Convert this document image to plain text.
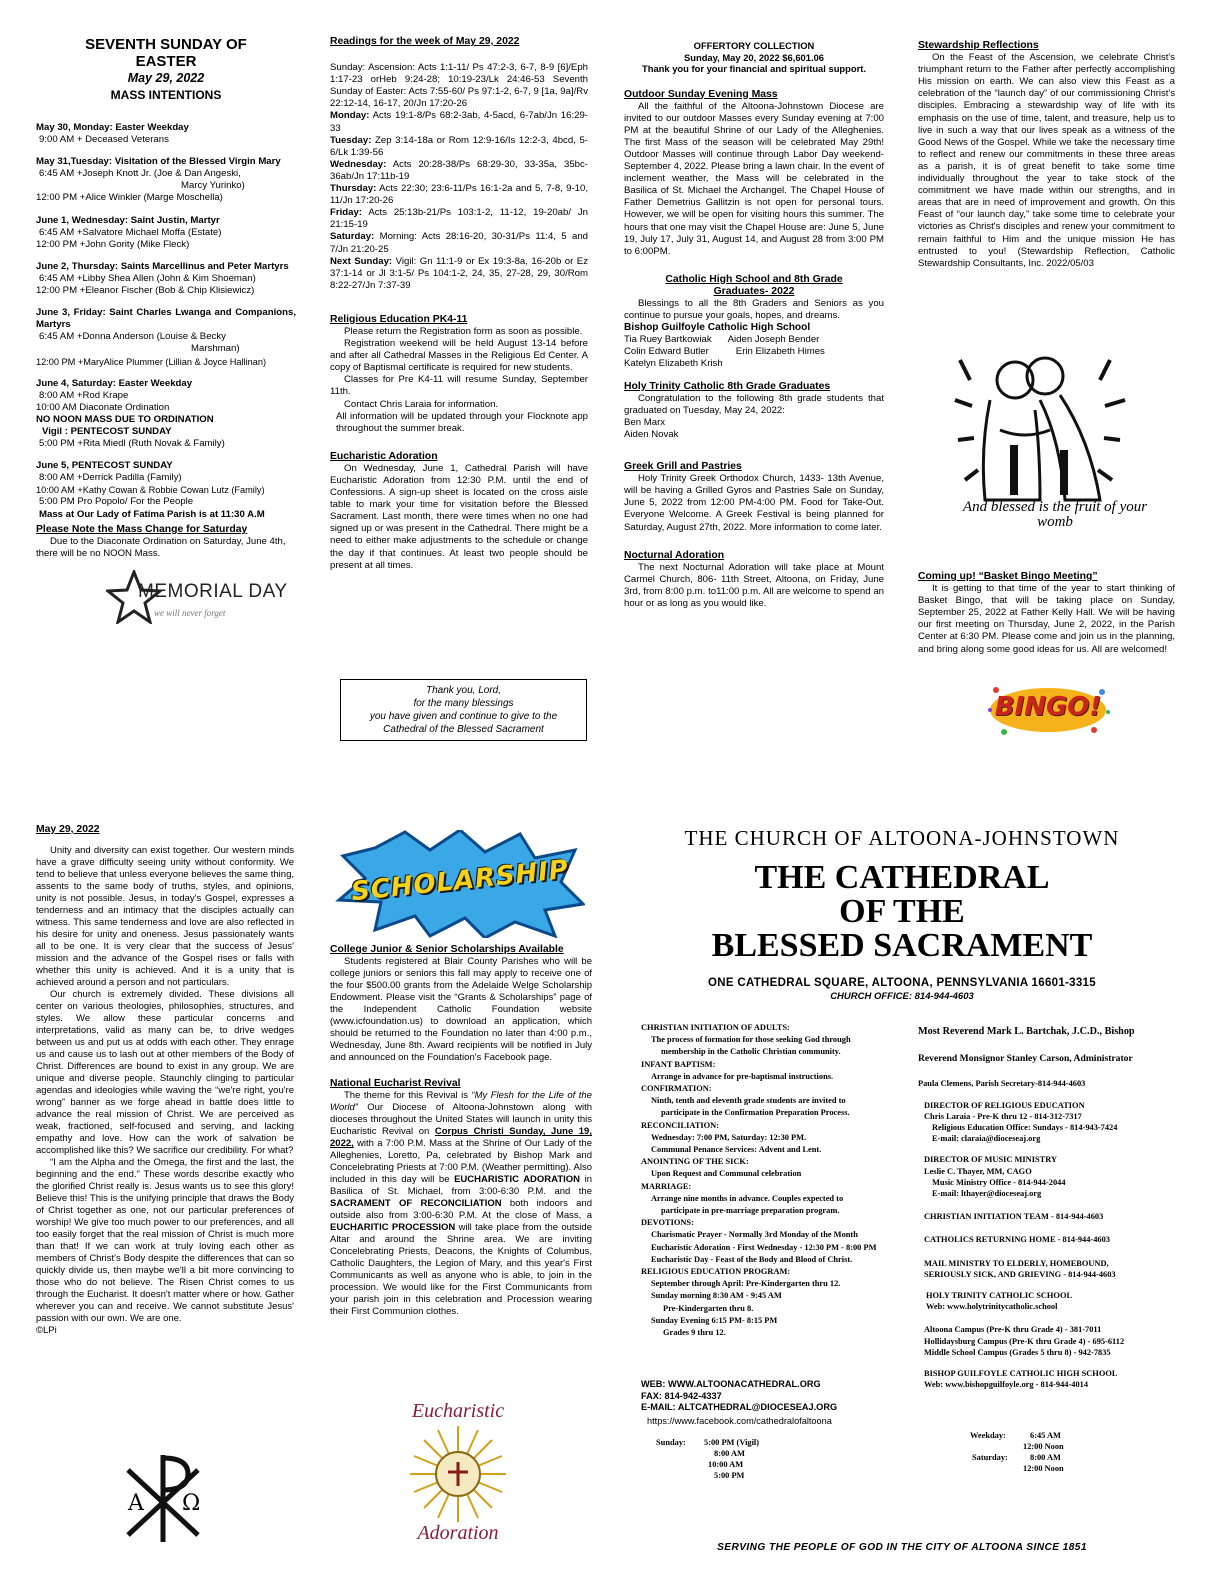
SEVENTH SUNDAY OF EASTER
May 29, 2022
MASS INTENTIONS

May 30, Monday: Easter Weekday

9:00 AM + Deceased Veterans

May 31,Tuesday: Visitation of the Blessed Virgin Mary

6:45 AM +Joseph Knott Jr. (Joe & Dan Angeski,

Marcy Yurinko)

12:00 PM +Alice Winkler (Marge Moschella)

June 1, Wednesday: Saint Justin, Martyr

6:45 AM +Salvatore Michael Moffa (Estate)

12:00 PM +John Gority (Mike Fleck)

June 2, Thursday: Saints Marcellinus and Peter Martyrs

6:45 AM +Libby Shea Allen (John & Kim Shoeman)

12:00 PM +Eleanor Fischer (Bob & Chip Klisiewicz)

June 3, Friday: Saint Charles Lwanga and Companions, Martyrs

6:45 AM +Donna Anderson (Louise & Becky

Marshman)

12:00 PM +MaryAlice Plummer (Lillian & Joyce Hallinan)

June 4, Saturday: Easter Weekday

8:00 AM +Rod Krape

10:00 AM Diaconate Ordination

NO NOON MASS DUE TO ORDINATION

Vigil : PENTECOST SUNDAY

5:00 PM +Rita Miedl (Ruth Novak & Family)

June 5, PENTECOST SUNDAY

8:00 AM +Derrick Padilla (Family)

10:00 AM +Kathy Cowan & Robbie Cowan Lutz (Family)

5:00 PM Pro Popolo/ For the People

Mass at Our Lady of Fatima Parish is at 11:30 A.M

Please Note the Mass Change for Saturday

Due to the Diaconate Ordination on Saturday, June 4th, there will be no NOON Mass.

MEMORIAL DAY
we will never forget

Readings for the week of May 29, 2022

Sunday: Ascension: Acts 1:1-11/ Ps 47:2-3, 6-7, 8-9 [6]/Eph 1:17-23 orHeb 9:24-28; 10:19-23/Lk 24:46-53 Seventh Sunday of Easter: Acts 7:55-60/ Ps 97:1-2, 6-7, 9 [1a, 9a]/Rv 22:12-14, 16-17, 20/Jn 17:20-26

Monday: Acts 19:1-8/Ps 68:2-3ab, 4-5acd, 6-7ab/Jn 16:29-33

Tuesday: Zep 3:14-18a or Rom 12:9-16/Is 12:2-3, 4bcd, 5-6/Lk 1:39-56

Wednesday: Acts 20:28-38/Ps 68:29-30, 33-35a, 35bc-36ab/Jn 17:11b-19

Thursday: Acts 22:30; 23:6-11/Ps 16:1-2a and 5, 7-8, 9-10, 11/Jn 17:20-26

Friday: Acts 25:13b-21/Ps 103:1-2, 11-12, 19-20ab/ Jn 21:15-19

Saturday: Morning: Acts 28:16-20, 30-31/Ps 11:4, 5 and 7/Jn 21:20-25

Next Sunday: Vigil: Gn 11:1-9 or Ex 19:3-8a, 16-20b or Ez 37:1-14 or Jl 3:1-5/ Ps 104:1-2, 24, 35, 27-28, 29, 30/Rom 8:22-27/Jn 7:37-39

Religious Education PK4-11

Please return the Registration form as soon as possible.

Registration weekend will be held August 13-14 before and after all Cathedral Masses in the Religious Ed Center. A copy of Baptismal certificate is required for new students.

Classes for Pre K4-11 will resume Sunday, September 11th.

Contact Chris Laraia for information.

All information will be updated through your Flocknote app throughout the summer break.

Eucharistic Adoration

On Wednesday, June 1, Cathedral Parish will have Eucharistic Adoration from 12:30 P.M. until the end of Confessions. A sign-up sheet is located on the cross aisle table to mark your time for visitation before the Blessed Sacrament. Last month, there were times when no one had signed up or was present in the Cathedral. There might be a need to either make adjustments to the schedule or change the day if that continues. At least two people should be present at all times.

Thank you, Lord,
for the many blessings
you have given and continue to give to the
Cathedral of the Blessed Sacrament
OFFERTORY COLLECTION
Sunday, May 20, 2022 $6,601.06
Thank you for your financial and spiritual support.

Outdoor Sunday Evening Mass

All the faithful of the Altoona-Johnstown Diocese are invited to our outdoor Masses every Sunday evening at 7:00 PM at the beautiful Shrine of our Lady of the Alleghenies. The first Mass of the season will be celebrated May 29th! Outdoor Masses will continue through Labor Day weekend- September 4, 2022. Please bring a lawn chair. In the event of inclement weather, the Mass will be celebrated in the Basilica of St. Michael the Archangel. The Chapel House of Father Demetrius Gallitzin is not open for personal tours. However, we will be open for visiting hours this summer. The hours that one may visit the Chapel House are: June 5, June 19, July 17, July 31, August 14, and August 28 from 3:00 PM to 6:00PM.

Catholic High School and 8th Grade
Graduates- 2022

Blessings to all the 8th Graders and Seniors as you continue to pursue your goals, hopes, and dreams.

Bishop Guilfoyle Catholic High School

Tia Ruey Bartkowiak Aiden Joseph Bender

Colin Edward Butler	Erin Elizabeth Himes

Katelyn Elizabeth Krish

Holy Trinity Catholic 8th Grade Graduates

Congratulation to the following 8th grade students that graduated on Tuesday, May 24, 2022:

Ben Marx

Aiden Novak

Greek Grill and Pastries

Holy Trinity Greek Orthodox Church, 1433- 13th Avenue, will be having a Grilled Gyros and Pastries Sale on Sunday, June 5, 2022 from 12:00 PM-4:00 PM. Food for Take-Out. Everyone Welcome. A Greek Festival is being planned for Saturday, August 27th, 2022. More information to come later.

Nocturnal Adoration

The next Nocturnal Adoration will take place at Mount Carmel Church, 806- 11th Street, Altoona, on Friday, June 3rd, from 8:00 p.m. to11:00 p.m. All are welcome to spend an hour or as long as you would like.

Stewardship Reflections

On the Feast of the Ascension, we celebrate Christ's triumphant return to the Father after perfectly accomplishing His mission on earth. We can also view this Feast as a celebration of the “launch day” of our commissioning Christ's disciples. Embracing a stewardship way of life with its emphasis on the use of time, talent, and treasure, help us to live in such a way that our lives speak as a witness of the Good News of the Gospel. While we take the necessary time to reflect and renew our commitments in these three areas as a parish, it is of great benefit to take some time individually throughout the year to take stock of the commitment we have made within our strengths, and in areas that are in need of improvement and growth. On this Feast of “our launch day,” take some time to celebrate your victories as Christ's disciples and renew your commitment to remain faithful to Him and the unique mission He has entrusted to you! (Stewardship Reflection, Catholic Stewardship Consultants, Inc. 2022/05/03

And blessed is the fruit of your womb

Coming up! “Basket Bingo Meeting”

It is getting to that time of the year to start thinking of Basket Bingo, that will be taking place on Sunday, September 25, 2022 at Father Kelly Hall. We will be having our first meeting on Thursday, June 2, 2022, in the Parish Center at 6:30 PM. Please come and join us in the planning, and bring along some good ideas for us. All are welcomed!

BINGO!

May 29, 2022

Unity and diversity can exist together. Our western minds have a grave difficulty seeing unity without conformity. We tend to believe that unless everyone believes the same thing, assents to the same body of truths, styles, and opinions, unity is not possible. Jesus, in today's Gospel, expresses a tenderness and an intimacy that the disciples actually can witness. This same tenderness and love are also reflected in his desire for unity and oneness. Jesus passionately wants all to be one. It is very clear that the success of Jesus' mission and the advance of the Gospel rises or falls with whether this unity is achieved. And it is a unity that is achieved around a person and not particulars.

Our church is extremely divided. These divisions all center on various theologies, philosophies, structures, and styles. We allow these particular concerns and interpretations, valid as many can be, to drive wedges between us and put us at odds with each other. They enrage us and cause us to lash out at other members of the Body of Christ. Differences are bound to exist in any group. We are unique and diverse people. Staunchly clinging to particular agendas and ideologies while waving the “we're right, you're wrong” banner as we forge ahead in battle does little to advance the real mission of Christ. We are perceived as weak, fractioned, self-focused and serving, and lacking empathy and love. How can the work of salvation be accomplished like this? We sacrifice our credibility. For what?

“I am the Alpha and the Omega, the first and the last, the beginning and the end.” These words describe exactly who the glorified Christ really is. Jesus wants us to see this glory! Believe this! This is the unifying principle that draws the Body of Christ together as one, not our particular preferences of worship! We give too much power to our preferences, and all too easily forget that the real mission of Christ is much more than that! If we can work at truly loving each other as members of Christ's Body despite the differences that can so quickly divide us, then maybe we'll a bit more convincing to those who do not believe. The Risen Christ comes to us through the Eucharist. It doesn't matter where or how. Gather wherever you can and receive. We cannot substitute Jesus' passion with our own. We are one.

©LPi

Α Ω
SCHOLARSHIP

College Junior & Senior Scholarships Available

Students registered at Blair County Parishes who will be college juniors or seniors this fall may apply to receive one of the four $500.00 grants from the Adelaide Welge Scholarship Endowment. Please visit the “Grants & Scholarships” page of the Independent Catholic Foundation website (www.icfoundation.us) to download an application, which should be returned to the Foundation no later than 4:00 p.m., Wednesday, June 8th. Award recipients will be notified in July and announced on the Foundation's Facebook page.

National Eucharist Revival

The theme for this Revival is “My Flesh for the Life of the World” Our Diocese of Altoona-Johnstown along with dioceses throughout the United States will launch in unity this Eucharistic Revival on Corpus Christi Sunday, June 19, 2022, with a 7:00 P.M. Mass at the Shrine of Our Lady of the Alleghenies, Loretto, Pa, celebrated by Bishop Mark and Concelebrating Priests at 7:00 P.M. (Weather permitting). Also included in this day will be EUCHARISTIC ADORATION in Basilica of St. Michael, from 3:00-6:30 P.M. and the SACRAMENT OF RECONCILIATION both indoors and outside also from 3:00-6:30 P.M. At the close of Mass, a EUCHARITIC PROCESSION will take place from the outside Altar and around the Shrine area. We are inviting Concelebrating Priests, Deacons, the Knights of Columbus, Catholic Daughters, the Legion of Mary, and this year's First Communicants as well as anyone who is able, to join in the procession. We would like for the First Communicants from your parish join in this celebration and Procession wearing their First Communion clothes.

Eucharistic
Adoration
THE CHURCH OF ALTOONA-JOHNSTOWN
THE CATHEDRAL
OF THE
BLESSED SACRAMENT
ONE CATHEDRAL SQUARE, ALTOONA, PENNSYLVANIA 16601-3315
CHURCH OFFICE: 814-944-4603
CHRISTIAN INITIATION OF ADULTS:
The process of formation for those seeking God through
membership in the Catholic Christian community.
INFANT BAPTISM:
Arrange in advance for pre-baptismal instructions.
CONFIRMATION:
Ninth, tenth and eleventh grade students are invited to
participate in the Confirmation Preparation Process.
RECONCILIATION:
Wednesday: 7:00 PM, Saturday: 12:30 PM.
Communal Penance Services: Advent and Lent.
ANOINTING OF THE SICK:
Upon Request and Communal celebration
MARRIAGE:
Arrange nine months in advance. Couples expected to
participate in pre-marriage preparation program.
DEVOTIONS:
Charismatic Prayer - Normally 3rd Monday of the Month
Eucharistic Adoration - First Wednesday - 12:30 PM - 8:00 PM
Eucharistic Day - Feast of the Body and Blood of Christ.
RELIGIOUS EDUCATION PROGRAM:
September through April: Pre-Kindergarten thru 12.
Sunday morning 8:30 AM - 9:45 AM
Pre-Kindergarten thru 8.
Sunday Evening 6:15 PM- 8:15 PM
Grades 9 thru 12.
WEB: WWW.ALTOONACATHEDRAL.ORG
FAX: 814-942-4337
E-MAIL: ALTCATHEDRAL@DIOCESEAJ.ORG
https://www.facebook.com/cathedralofaltoona
Sunday: 5:00 PM (Vigil)
8:00 AM
10:00 AM
5:00 PM
Most Reverend Mark L. Bartchak, J.C.D., Bishop
Reverend Monsignor Stanley Carson, Administrator
Paula Clemens, Parish Secretary-814-944-4603
DIRECTOR OF RELIGIOUS EDUCATION
Chris Laraia - Pre-K thru 12 - 814-312-7317
Religious Education Office: Sundays - 814-943-7424
E-mail: claraia@dioceseaj.org
DIRECTOR OF MUSIC MINISTRY
Leslie C. Thayer, MM, CAGO
Music Ministry Office - 814-944-2044
E-mail: lthayer@dioceseaj.org
CHRISTIAN INITIATION TEAM - 814-944-4603
CATHOLICS RETURNING HOME - 814-944-4603
MAIL MINISTRY TO ELDERLY, HOMEBOUND,
SERIOUSLY SICK, AND GRIEVING - 814-944-4603
HOLY TRINITY CATHOLIC SCHOOL
Web: www.holytrinitycatholic.school
Altoona Campus (Pre-K thru Grade 4) - 381-7011
Hollidaysburg Campus (Pre-K thru Grade 4) - 695-6112
Middle School Campus (Grades 5 thru 8) - 942-7835
BISHOP GUILFOYLE CATHOLIC HIGH SCHOOL
Web: www.bishopguilfoyle.org - 814-944-4014
Weekday:	6:45 AM
12:00 Noon
Saturday:	8:00 AM
12:00 Noon
SERVING THE PEOPLE OF GOD IN THE CITY OF ALTOONA SINCE 1851
